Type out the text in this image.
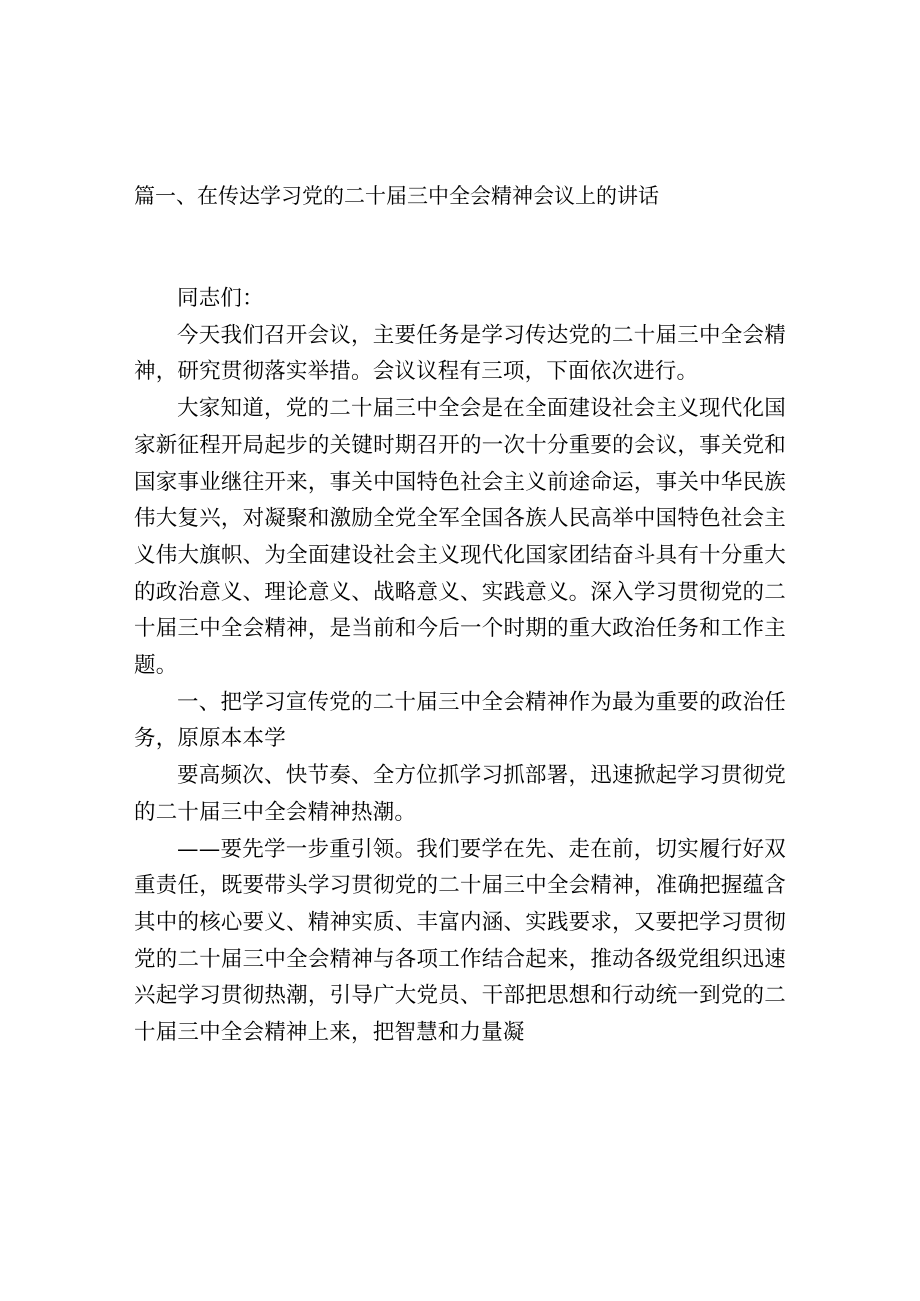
篇一、在传达学习党的二十届三中全会精神会议上的讲话

同志们：

今天我们召开会议，主要任务是学习传达党的二十届三中全会精神，研究贯彻落实举措。会议议程有三项，下面依次进行。

大家知道，党的二十届三中全会是在全面建设社会主义现代化国家新征程开局起步的关键时期召开的一次十分重要的会议，事关党和国家事业继往开来，事关中国特色社会主义前途命运，事关中华民族伟大复兴，对凝聚和激励全党全军全国各族人民高举中国特色社会主义伟大旗帜、为全面建设社会主义现代化国家团结奋斗具有十分重大的政治意义、理论意义、战略意义、实践意义。深入学习贯彻党的二十届三中全会精神，是当前和今后一个时期的重大政治任务和工作主题。

一、把学习宣传党的二十届三中全会精神作为最为重要的政治任务，原原本本学

要高频次、快节奏、全方位抓学习抓部署，迅速掀起学习贯彻党的二十届三中全会精神热潮。

——要先学一步重引领。我们要学在先、走在前，切实履行好双重责任，既要带头学习贯彻党的二十届三中全会精神，准确把握蕴含其中的核心要义、精神实质、丰富内涵、实践要求，又要把学习贯彻党的二十届三中全会精神与各项工作结合起来，推动各级党组织迅速兴起学习贯彻热潮，引导广大党员、干部把思想和行动统一到党的二十届三中全会精神上来，把智慧和力量凝
